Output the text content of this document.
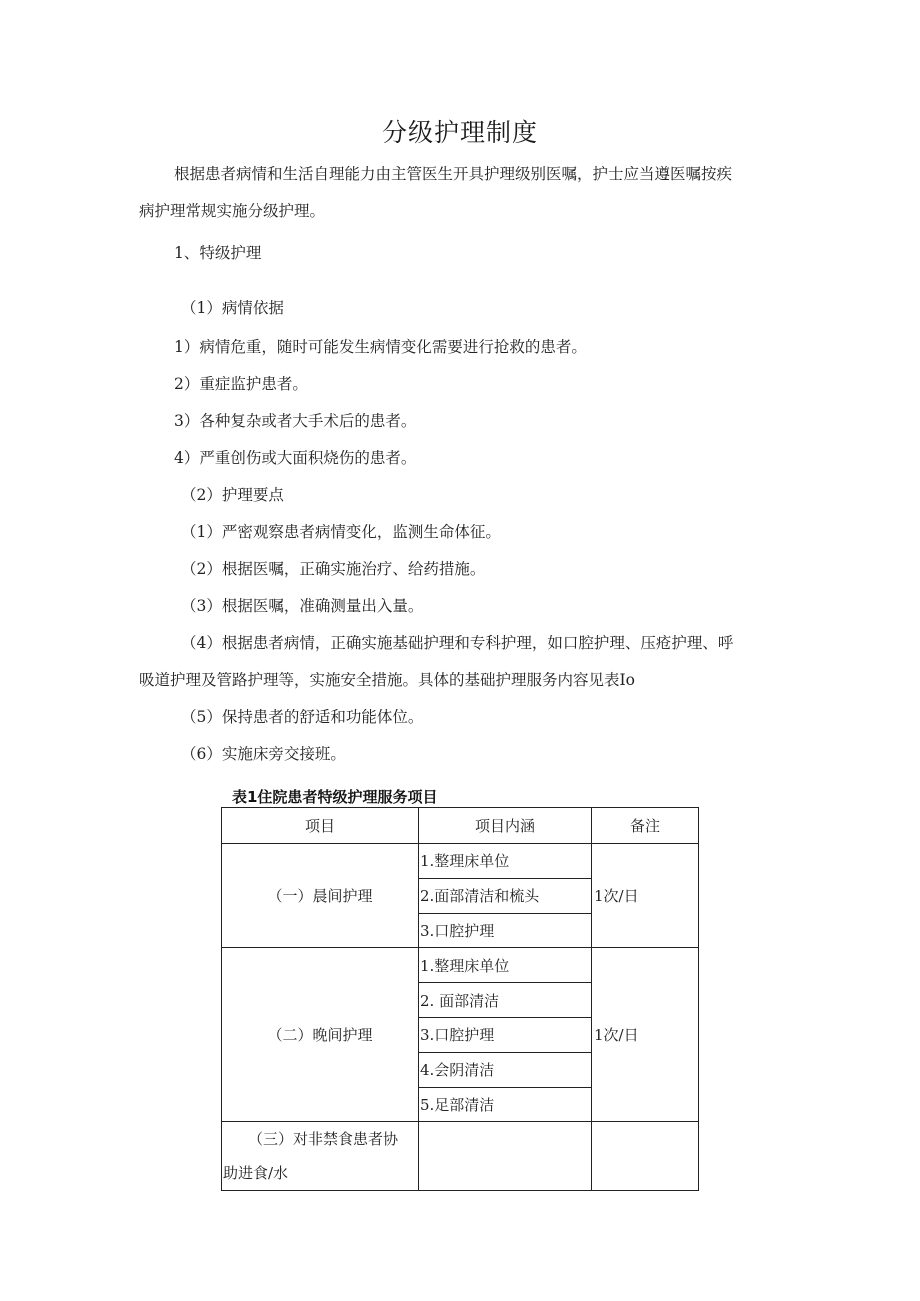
分级护理制度
根据患者病情和生活自理能力由主管医生开具护理级别医嘱，护士应当遵医嘱按疾
病护理常规实施分级护理。
1、特级护理
（1）病情依据
1）病情危重，随时可能发生病情变化需要进行抢救的患者。
2）重症监护患者。
3）各种复杂或者大手术后的患者。
4）严重创伤或大面积烧伤的患者。
（2）护理要点
（1）严密观察患者病情变化，监测生命体征。
（2）根据医嘱，正确实施治疗、给药措施。
（3）根据医嘱，准确测量出入量。
（4）根据患者病情，正确实施基础护理和专科护理，如口腔护理、压疮护理、呼
吸道护理及管路护理等，实施安全措施。具体的基础护理服务内容见表Io
（5）保持患者的舒适和功能体位。
（6）实施床旁交接班。
表1住院患者特级护理服务项目
项目	项目内涵	备注
（一）晨间护理	1.整理床单位	1次/日
	2.面部清洁和梳头	
	3.口腔护理	
（二）晚间护理	1.整理床单位	1次/日
	2. 面部清洁	
	3.口腔护理	
	4.会阴清洁	
	5.足部清洁	
（三）对非禁食患者协
助进食/水		
